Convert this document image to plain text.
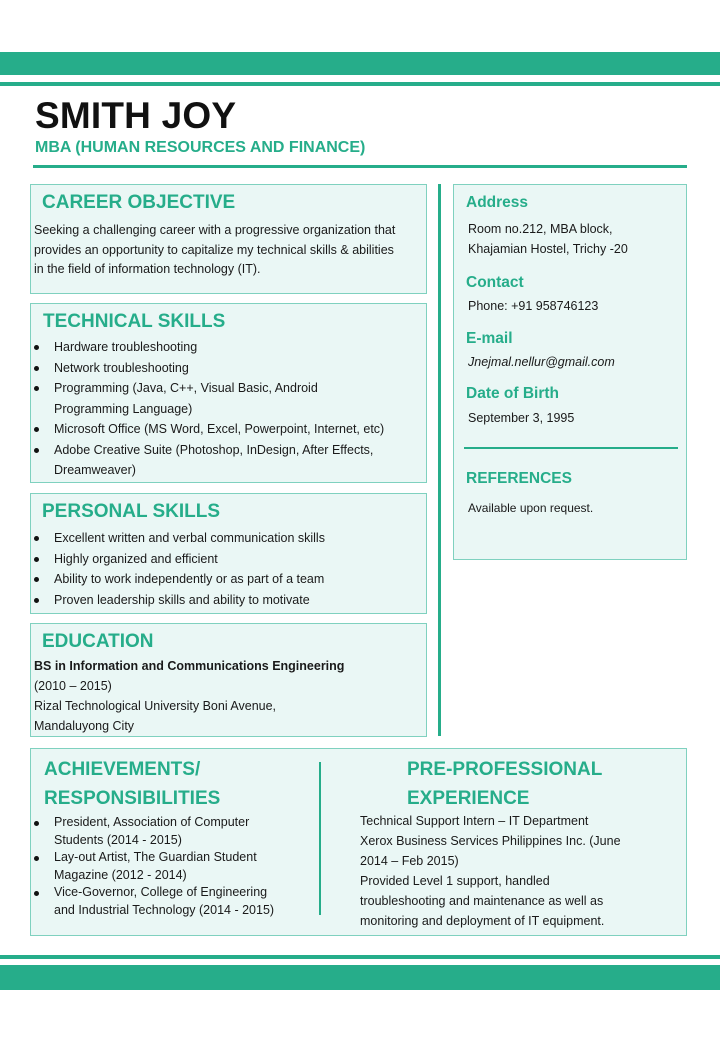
SMITH JOY
MBA (HUMAN RESOURCES AND FINANCE)
CAREER OBJECTIVE
Seeking a challenging career with a progressive organization that
provides an opportunity to capitalize my technical skills & abilities
in the field of information technology (IT).
TECHNICAL SKILLS
Hardware troubleshooting
Network troubleshooting
Programming (Java, C++, Visual Basic, Android
Programming Language)
Microsoft Office (MS Word, Excel, Powerpoint, Internet, etc)
Adobe Creative Suite (Photoshop, InDesign, After Effects,
Dreamweaver)
PERSONAL SKILLS
Excellent written and verbal communication skills
Highly organized and efficient
Ability to work independently or as part of a team
Proven leadership skills and ability to motivate
EDUCATION
BS in Information and Communications Engineering
(2010 – 2015)
Rizal Technological University Boni Avenue,
Mandaluyong City
Address
Room no.212, MBA block,
Khajamian Hostel, Trichy -20
Contact
Phone: +91 958746123
E-mail
Jnejmal.nellur@gmail.com
Date of Birth
September 3, 1995
REFERENCES
Available upon request.
ACHIEVEMENTS/
RESPONSIBILITIES
President, Association of Computer
Students (2014 - 2015)
Lay-out Artist, The Guardian Student
Magazine (2012 - 2014)
Vice-Governor, College of Engineering
and Industrial Technology (2014 - 2015)
PRE-PROFESSIONAL
EXPERIENCE
Technical Support Intern – IT Department
Xerox Business Services Philippines Inc. (June
2014 – Feb 2015)
Provided Level 1 support, handled
troubleshooting and maintenance as well as
monitoring and deployment of IT equipment.
